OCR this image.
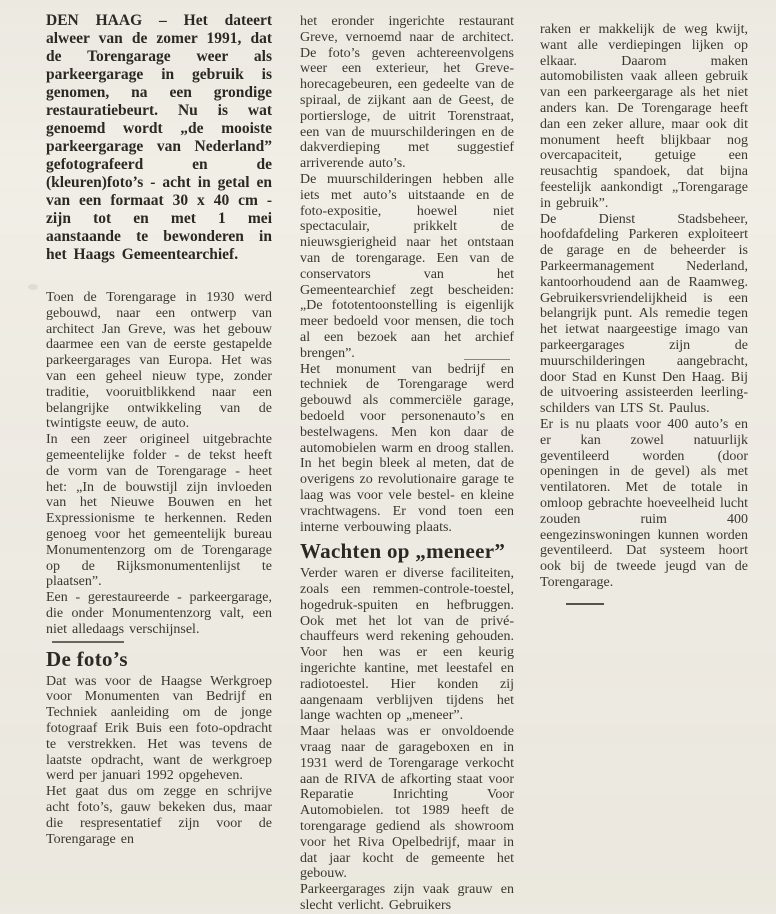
DEN HAAG – Het dateert alweer van de zomer 1991, dat de Torengarage weer als parkeergarage in gebruik is genomen, na een grondige restauratiebeurt. Nu is wat genoemd wordt „de mooiste parkeergarage van Nederland” gefotografeerd en de (kleuren)foto’s - acht in getal en van een formaat 30 x 40 cm - zijn tot en met 1 mei aanstaande te bewonderen in het Haags Gemeentearchief.

Toen de Torengarage in 1930 werd gebouwd, naar een ontwerp van architect Jan Greve, was het gebouw daarmee een van de eerste gestapelde parkeergarages van Europa. Het was van een geheel nieuw type, zonder traditie, vooruitblikkend naar een belangrijke ontwikkeling van de twintigste eeuw, de auto.

In een zeer origineel uitgebrachte gemeentelijke folder - de tekst heeft de vorm van de Torengarage - heet het: „In de bouwstijl zijn invloeden van het Nieuwe Bouwen en het Expressionisme te herkennen. Reden genoeg voor het gemeentelijk bureau Monumentenzorg om de Torengarage op de Rijksmonumentenlijst te plaatsen”.

Een - gerestaureerde - parkeergarage, die onder Monumentenzorg valt, een niet alledaags verschijnsel.

De foto’s

Dat was voor de Haagse Werkgroep voor Monumenten van Bedrijf en Techniek aanleiding om de jonge fotograaf Erik Buis een foto-opdracht te verstrekken. Het was tevens de laatste opdracht, want de werkgroep werd per januari 1992 opgeheven.

Het gaat dus om zegge en schrijve acht foto’s, gauw bekeken dus, maar die respresentatief zijn voor de Torengarage en

het eronder ingerichte restaurant Greve, vernoemd naar de architect. De foto’s geven achtereenvolgens weer een exterieur, het Greve-horecagebeuren, een gedeelte van de spiraal, de zijkant aan de Geest, de portiersloge, de uitrit Torenstraat, een van de muurschilderingen en de dakverdieping met suggestief arriverende auto’s.

De muurschilderingen hebben alle iets met auto’s uitstaande en de foto-expositie, hoewel niet spectaculair, prikkelt de nieuwsgierigheid naar het ontstaan van de torengarage. Een van de conservators van het Gemeentearchief zegt bescheiden: „De fototentoonstelling is eigenlijk meer bedoeld voor mensen, die toch al een bezoek aan het archief brengen”.

Het monument van bedrijf en techniek de Torengarage werd gebouwd als commerciële garage, bedoeld voor personenauto’s en bestelwagens. Men kon daar de automobielen warm en droog stallen. In het begin bleek al meten, dat de overigens zo revolutionaire garage te laag was voor vele bestel- en kleine vrachtwagens. Er vond toen een interne verbouwing plaats.

Wachten op „meneer”

Verder waren er diverse faciliteiten, zoals een remmen-controle-toestel, hogedruk-spuiten en hefbruggen. Ook met het lot van de privé-chauffeurs werd rekening gehouden. Voor hen was er een keurig ingerichte kantine, met leestafel en radiotoestel. Hier konden zij aangenaam verblijven tijdens het lange wachten op „meneer”.

Maar helaas was er onvoldoende vraag naar de garageboxen en in 1931 werd de Torengarage verkocht aan de RIVA de afkorting staat voor Reparatie Inrichting Voor Automobielen. tot 1989 heeft de torengarage gediend als showroom voor het Riva Opelbedrijf, maar in dat jaar kocht de gemeente het gebouw.

Parkeergarages zijn vaak grauw en slecht verlicht. Gebruikers

raken er makkelijk de weg kwijt, want alle verdiepingen lijken op elkaar. Daarom maken automobilisten vaak alleen gebruik van een parkeergarage als het niet anders kan. De Torengarage heeft dan een zeker allure, maar ook dit monument heeft blijkbaar nog overcapaciteit, getuige een reusachtig spandoek, dat bijna feestelijk aankondigt „Torengarage in gebruik”.

De Dienst Stadsbeheer, hoofdafdeling Parkeren exploiteert de garage en de beheerder is Parkeermanagement Nederland, kantoorhoudend aan de Raamweg. Gebruikersvriendelijkheid is een belangrijk punt. Als remedie tegen het ietwat naargeestige imago van parkeergarages zijn de muurschilderingen aangebracht, door Stad en Kunst Den Haag. Bij de uitvoering assisteerden leerling-schilders van LTS St. Paulus.

Er is nu plaats voor 400 auto’s en er kan zowel natuurlijk geventileerd worden (door openingen in de gevel) als met ventilatoren. Met de totale in omloop gebrachte hoeveelheid lucht zouden ruim 400 eengezinswoningen kunnen worden geventileerd. Dat systeem hoort ook bij de tweede jeugd van de Torengarage.
